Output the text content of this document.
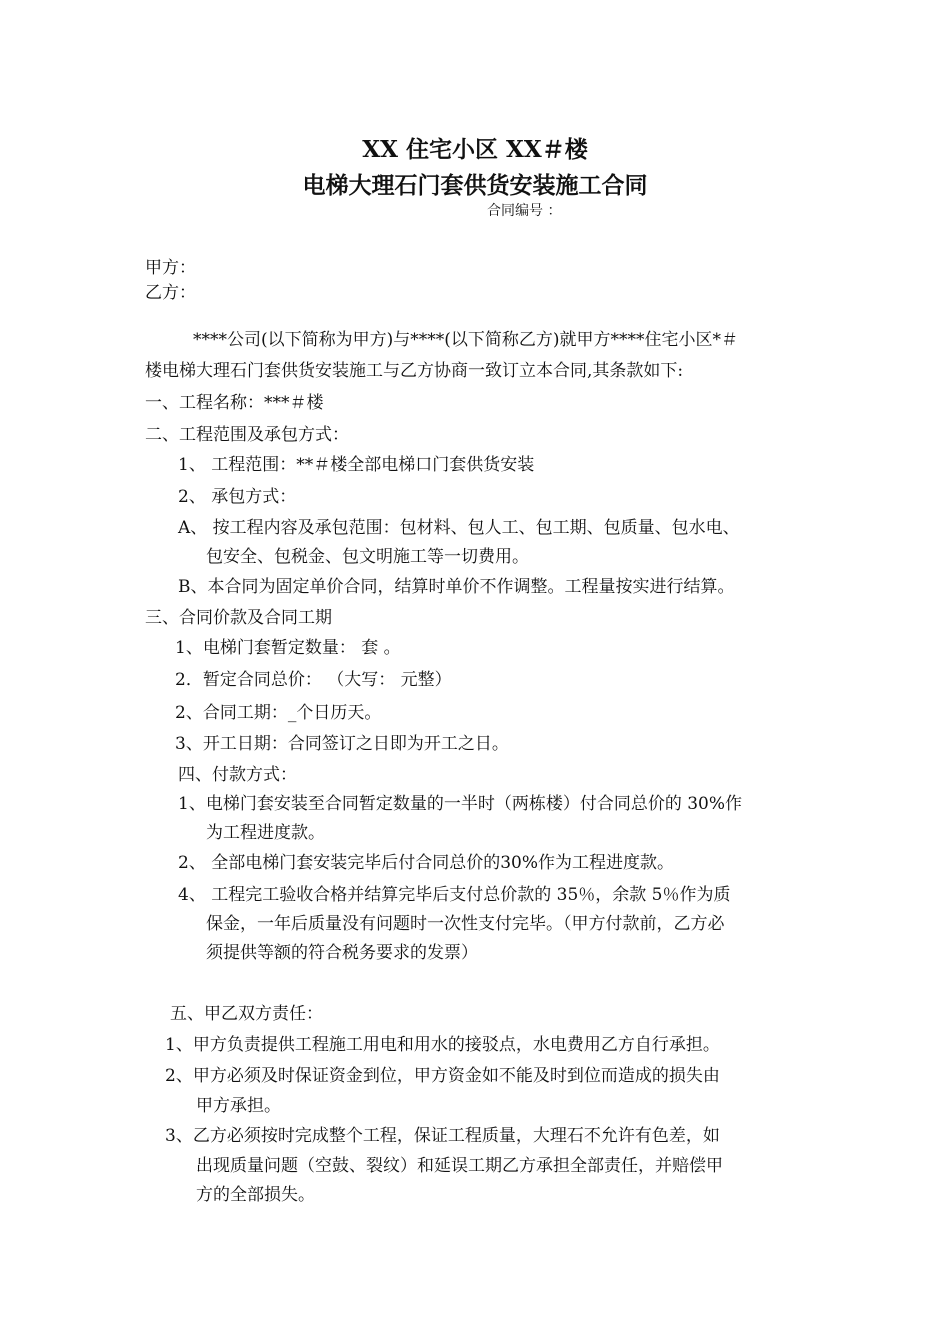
XX 住宅小区 XX＃楼
电梯大理石门套供货安装施工合同
合同编号 ：
甲方：
乙方：
****公司(以下简称为甲方)与****(以下简称乙方)就甲方****住宅小区*＃
楼电梯大理石门套供货安装施工与乙方协商一致订立本合同,其条款如下:
一、工程名称：***＃楼
二、工程范围及承包方式：
1、 工程范围：**＃楼全部电梯口门套供货安装
2、 承包方式：
A、 按工程内容及承包范围：包材料、包人工、包工期、包质量、包水电、
包安全、包税金、包文明施工等一切费用。
B、本合同为固定单价合同，结算时单价不作调整。工程量按实进行结算。
三、合同价款及合同工期
1、电梯门套暂定数量： 套 。
2．暂定合同总价： （大写： 元整）
2、合同工期：_个日历天。
3、开工日期：合同签订之日即为开工之日。
四、付款方式：
1、电梯门套安装至合同暂定数量的一半时（两栋楼）付合同总价的 30%作
为工程进度款。
2、 全部电梯门套安装完毕后付合同总价的30%作为工程进度款。
4、 工程完工验收合格并结算完毕后支付总价款的 35％，余款 5％作为质
保金，一年后质量没有问题时一次性支付完毕。（甲方付款前，乙方必
须提供等额的符合税务要求的发票）
五、甲乙双方责任：
1、甲方负责提供工程施工用电和用水的接驳点，水电费用乙方自行承担。
2、甲方必须及时保证资金到位，甲方资金如不能及时到位而造成的损失由
甲方承担。
3、乙方必须按时完成整个工程，保证工程质量，大理石不允许有色差，如
出现质量问题（空鼓、裂纹）和延误工期乙方承担全部责任，并赔偿甲
方的全部损失。
